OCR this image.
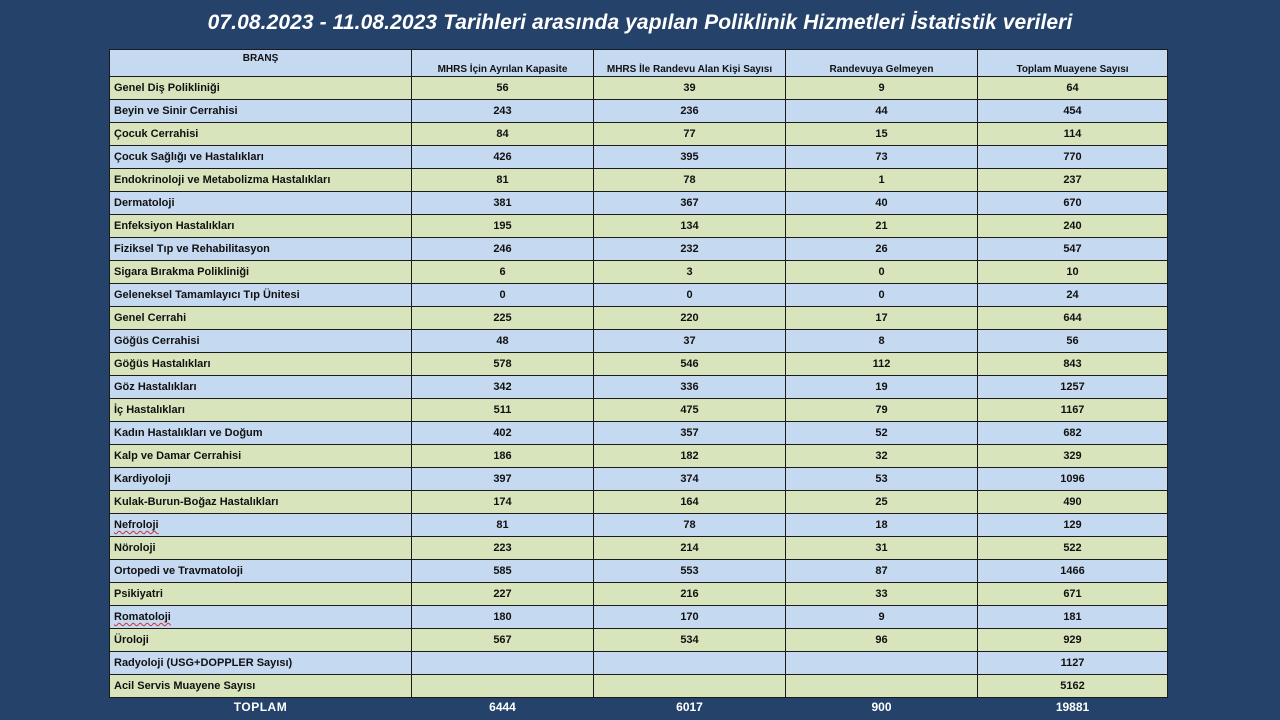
07.08.2023 - 11.08.2023 Tarihleri arasında yapılan Poliklinik Hizmetleri İstatistik verileri
BRANŞ	MHRS İçin Ayrılan Kapasite	MHRS İle Randevu Alan Kişi Sayısı	Randevuya Gelmeyen	Toplam Muayene Sayısı
Genel Diş Polikliniği	56	39	9	64
Beyin ve Sinir Cerrahisi	243	236	44	454
Çocuk Cerrahisi	84	77	15	114
Çocuk Sağlığı ve Hastalıkları	426	395	73	770
Endokrinoloji ve Metabolizma Hastalıkları	81	78	1	237
Dermatoloji	381	367	40	670
Enfeksiyon Hastalıkları	195	134	21	240
Fiziksel Tıp ve Rehabilitasyon	246	232	26	547
Sigara Bırakma Polikliniği	6	3	0	10
Geleneksel Tamamlayıcı Tıp Ünitesi	0	0	0	24
Genel Cerrahi	225	220	17	644
Göğüs Cerrahisi	48	37	8	56
Göğüs Hastalıkları	578	546	112	843
Göz Hastalıkları	342	336	19	1257
İç Hastalıkları	511	475	79	1167
Kadın Hastalıkları ve Doğum	402	357	52	682
Kalp ve Damar Cerrahisi	186	182	32	329
Kardiyoloji	397	374	53	1096
Kulak-Burun-Boğaz Hastalıkları	174	164	25	490
Nefroloji	81	78	18	129
Nöroloji	223	214	31	522
Ortopedi ve Travmatoloji	585	553	87	1466
Psikiyatri	227	216	33	671
Romatoloji	180	170	9	181
Üroloji	567	534	96	929
Radyoloji (USG+DOPPLER Sayısı)				1127
Acil Servis Muayene Sayısı				5162
TOPLAM	6444	6017	900	19881
